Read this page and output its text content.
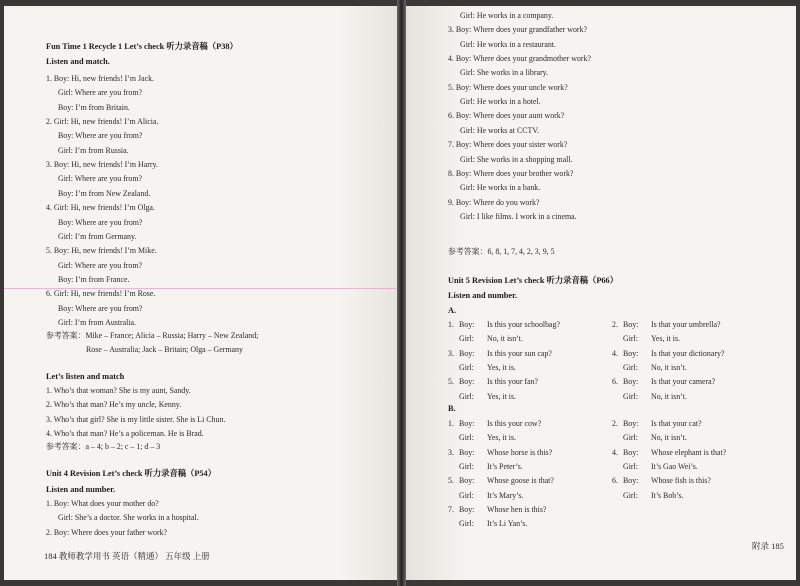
Fun Time 1 Recycle 1 Let’s check 听力录音稿（P38）
Listen and match.
1. Boy: Hi, new friends! I’m Jack.
Girl: Where are you from?
Boy: I’m from Britain.
2. Girl: Hi, new friends! I’m Alicia.
Boy: Where are you from?
Girl: I’m from Russia.
3. Boy: Hi, new friends! I’m Harry.
Girl: Where are you from?
Boy: I’m from New Zealand.
4. Girl: Hi, new friends! I’m Olga.
Boy: Where are you from?
Girl: I’m from Germany.
5. Boy: Hi, new friends! I’m Mike.
Girl: Where are you from?
Boy: I’m from France.
6. Girl: Hi, new friends! I’m Rose.
Boy: Where are you from?
Girl: I’m from Australia.
参考答案：Mike – France; Alicia – Russia; Harry – New Zealand;
Rose – Australia; Jack – Britain; Olga – Germany
Let’s listen and match
1. Who’s that woman? She is my aunt, Sandy.
2. Who’s that man? He’s my uncle, Kenny.
3. Who’s that girl? She is my little sister. She is Li Chun.
4. Who’s that man? He’s a policeman. He is Brad.
参考答案：a – 4; b – 2; c – 1; d – 3
Unit 4 Revision Let’s check 听力录音稿（P54）
Listen and number.
1. Boy: What does your mother do?
Girl: She’s a doctor. She works in a hospital.
2. Boy: Where does your father work?
184 教师教学用书 英语（精通） 五年级 上册
Girl: He works in a company.
3. Boy: Where does your grandfather work?
Girl: He works in a restaurant.
4. Boy: Where does your grandmother work?
Girl: She works in a library.
5. Boy: Where does your uncle work?
Girl: He works in a hotel.
6. Boy: Where does your aunt work?
Girl: He works at CCTV.
7. Boy: Where does your sister work?
Girl: She works in a shopping mall.
8. Boy: Where does your brother work?
Girl: He works in a bank.
9. Boy: Where do you work?
Girl: I like films. I work in a cinema.
参考答案：6, 8, 1, 7, 4, 2, 3, 9, 5
Unit 5 Revision Let’s check 听力录音稿（P66）
Listen and number.
A.
1. Boy: Is this your schoolbag?
Girl: No, it isn’t.
3. Boy: Is this your sun cap?
Girl: Yes, it is.
5. Boy: Is this your fan?
Girl: Yes, it is.
2. Boy: Is that your umbrella?
Girl: Yes, it is.
4. Boy: Is that your dictionary?
Girl: No, it isn’t.
6. Boy: Is that your camera?
Girl: No, it isn’t.
B.
1. Boy: Is this your cow?
Girl: Yes, it is.
3. Boy: Whose horse is this?
Girl: It’s Peter’s.
5. Boy: Whose goose is that?
Girl: It’s Mary’s.
7. Boy: Whose hen is this?
Girl: It’s Li Yan’s.
2. Boy: Is that your cat?
Girl: No, it isn’t.
4. Boy: Whose elephant is that?
Girl: It’s Gao Wei’s.
6. Boy: Whose fish is this?
Girl: It’s Bob’s.
附录 185
